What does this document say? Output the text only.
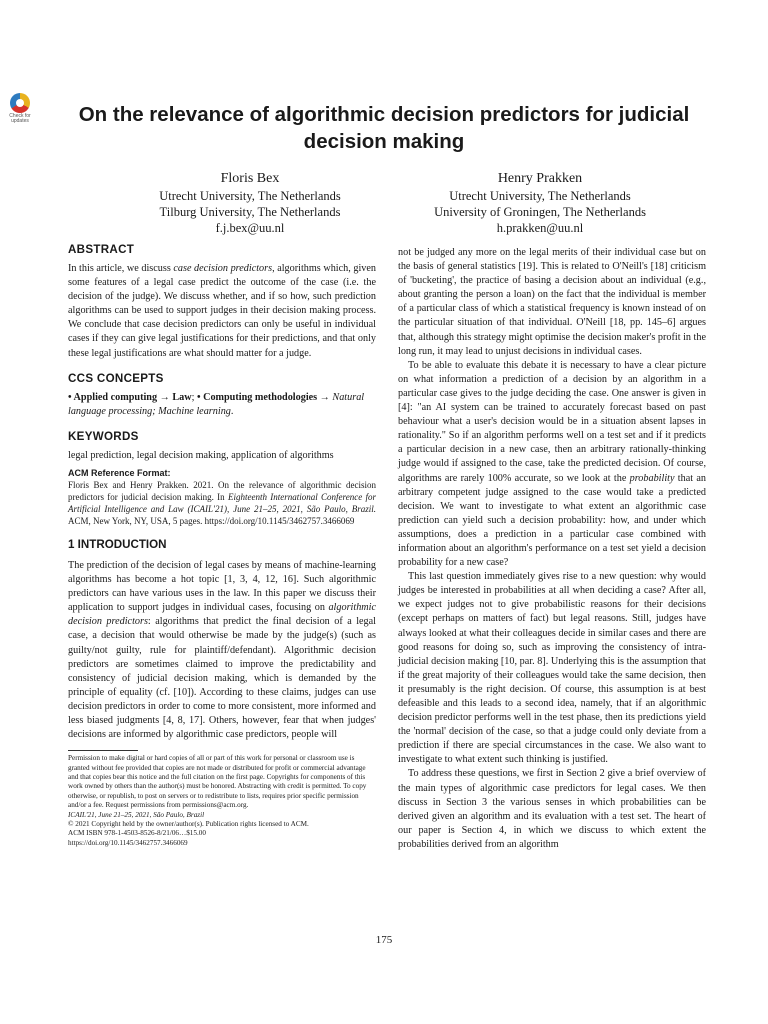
Check for updates	On the relevance of algorithmic decision predictors for judicial decision making
Floris Bex
Utrecht University, The Netherlands
Tilburg University, The Netherlands
f.j.bex@uu.nl
Henry Prakken
Utrecht University, The Netherlands
University of Groningen, The Netherlands
h.prakken@uu.nl

ABSTRACT

In this article, we discuss case decision predictors, algorithms which, given some features of a legal case predict the outcome of the case (i.e. the decision of the judge). We discuss whether, and if so how, such prediction algorithms can be used to support judges in their decision making process. We conclude that case decision predictors can only be useful in individual cases if they can give legal justifications for their predictions, and that only these legal justifications are what should matter for a judge.

CCS CONCEPTS

• Applied computing → Law; • Computing methodologies → Natural language processing; Machine learning.

KEYWORDS

legal prediction, legal decision making, application of algorithms

ACM Reference Format:

Floris Bex and Henry Prakken. 2021. On the relevance of algorithmic decision predictors for judicial decision making. In Eighteenth International Conference for Artificial Intelligence and Law (ICAIL'21), June 21–25, 2021, São Paulo, Brazil. ACM, New York, NY, USA, 5 pages. https://doi.org/10.1145/3462757.3466069

1 INTRODUCTION

The prediction of the decision of legal cases by means of machine-learning algorithms has become a hot topic [1, 3, 4, 12, 16]. Such algorithmic predictors can have various uses in the law. In this paper we discuss their application to support judges in individual cases, focusing on algorithmic decision predictors: algorithms that predict the final decision of a legal case, a decision that would otherwise be made by the judge(s) (such as guilty/not guilty, rule for plaintiff/defendant). Algorithmic decision predictors are sometimes claimed to improve the predictability and consistency of judicial decision making, which is demanded by the principle of equality (cf. [10]). According to these claims, judges can use decision predictors in order to come to more consistent, more informed and less biased judgments [4, 8, 17]. Others, however, fear that when judges' decisions are informed by algorithmic case predictors, people will

Permission to make digital or hard copies of all or part of this work for personal or classroom use is granted without fee provided that copies are not made or distributed for profit or commercial advantage and that copies bear this notice and the full citation on the first page. Copyrights for components of this work owned by others than the author(s) must be honored. Abstracting with credit is permitted. To copy otherwise, or republish, to post on servers or to redistribute to lists, requires prior specific permission and/or a fee. Request permissions from permissions@acm.org.
ICAIL'21, June 21–25, 2021, São Paulo, Brazil
© 2021 Copyright held by the owner/author(s). Publication rights licensed to ACM.
ACM ISBN 978-1-4503-8526-8/21/06…$15.00
https://doi.org/10.1145/3462757.3466069

not be judged any more on the legal merits of their individual case but on the basis of general statistics [19]. This is related to O'Neill's [18] criticism of 'bucketing', the practice of basing a decision about an individual (e.g., about granting the person a loan) on the fact that the individual is member of a particular class of which a statistical frequency is known instead of on the particular situation of that individual. O'Neill [18, pp. 145–6] argues that, although this strategy might optimise the decision maker's profit in the long run, it may lead to unjust decisions in individual cases.

To be able to evaluate this debate it is necessary to have a clear picture on what information a prediction of a decision by an algorithm in a particular case gives to the judge deciding the case. One answer is given in [4]: "an AI system can be trained to accurately forecast based on past behaviour what a user's decision would be in a situation absent lapses in rationality." So if an algorithm performs well on a test set and if it predicts a particular decision in a new case, then an arbitrary rationally-thinking judge would if assigned to the case, take the predicted decision. Of course, algorithms are rarely 100% accurate, so we look at the probability that an arbitrary competent judge assigned to the case would take a predicted decision. We want to investigate to what extent an algorithmic case prediction can yield such a decision probability: how, and under which assumptions, does a prediction in a particular case combined with information about an algorithm's performance on a test set yield a decision probability for a new case?

This last question immediately gives rise to a new question: why would judges be interested in probabilities at all when deciding a case? After all, we expect judges not to give probabilistic reasons for their decisions (except perhaps on matters of fact) but legal reasons. Still, judges have always looked at what their colleagues decide in similar cases and there are good reasons for doing so, such as improving the consistency of intra-judicial decision making [10, par. 8]. Underlying this is the assumption that if the great majority of their colleagues would take the same decision, then it presumably is the right decision. Of course, this assumption is at best defeasible and this leads to a second idea, namely, that if an algorithmic decision predictor performs well in the test phase, then its predictions yield the 'normal' decision of the case, so that a judge could only deviate from a prediction if there are special circumstances in the case. We also want to investigate to what extent such thinking is justified.

To address these questions, we first in Section 2 give a brief overview of the main types of algorithmic case predictors for legal cases. We then discuss in Section 3 the various senses in which probabilities can be derived given an algorithm and its evaluation with a test set. The heart of our paper is Section 4, in which we discuss to which extent the probabilities derived from an algorithm

175
